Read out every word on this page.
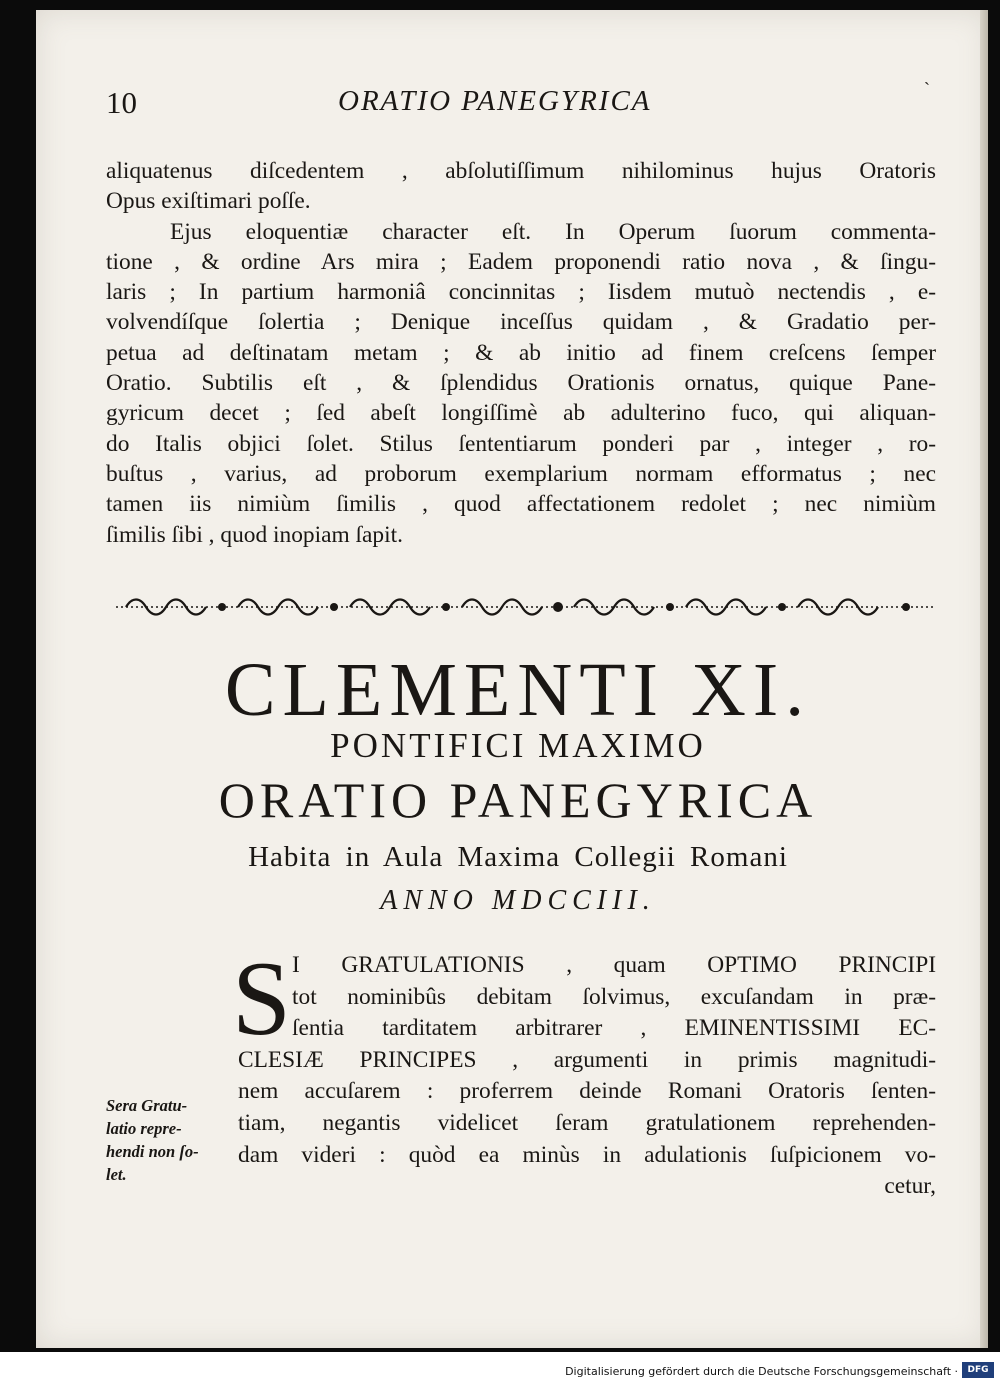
10	ORATIO PANEGYRICA	`
aliquatenus diſcedentem , abſolutiſſimum nihilominus hujus Oratoris
Opus exiſtimari poſſe.
Ejus eloquentiæ character eſt. In Operum ſuorum commenta-
tione , & ordine Ars mira ; Eadem proponendi ratio nova , & ſingu-
laris ; In partium harmoniâ concinnitas ; Iisdem mutuò nectendis , e-
volvendíſque ſolertia ; Denique inceſſus quidam , & Gradatio per-
petua ad deſtinatam metam ; & ab initio ad finem creſcens ſemper
Oratio. Subtilis eſt , & ſplendidus Orationis ornatus, quique Pane-
gyricum decet ; ſed abeſt longiſſimè ab adulterino fuco, qui aliquan-
do Italis objici ſolet. Stilus ſententiarum ponderi par , integer , ro-
buſtus , varius, ad proborum exemplarium normam efformatus ; nec
tamen iis nimiùm ſimilis , quod affectationem redolet ; nec nimiùm
ſimilis ſibi , quod inopiam ſapit.
CLEMENTI XI.
PONTIFICI MAXIMO
ORATIO PANEGYRICA
Habita in Aula Maxima Collegii Romani
ANNO MDCCIII.
S I GRATULATIONIS , quam OPTIMO PRINCIPI
tot nominibûs debitam ſolvimus, excuſandam in præ-
ſentia tarditatem arbitrarer , EMINENTISSIMI EC-
CLESIÆ PRINCIPES , argumenti in primis magnitudi-
nem accuſarem : proferrem deinde Romani Oratoris ſenten-
tiam, negantis videlicet ſeram gratulationem reprehenden-
dam videri : quòd ea minùs in adulationis ſuſpicionem vo-
cetur,
Sera Gratu-
latio repre-
hendi non ſo-
let.
Digitalisierung gefördert durch die Deutsche Forschungsgemeinschaft ·	DFG
